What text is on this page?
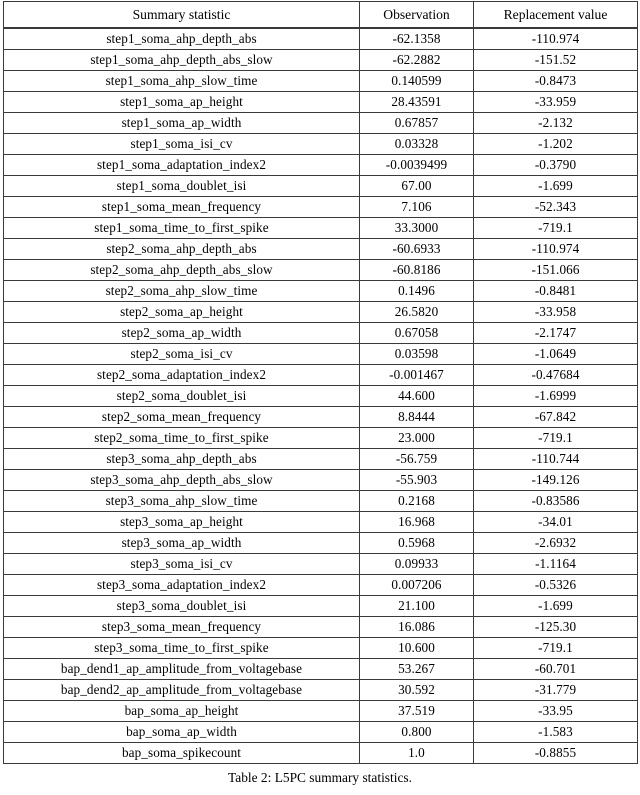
Summary statistic	Observation	Replacement value
step1_soma_ahp_depth_abs	-62.1358	-110.974
step1_soma_ahp_depth_abs_slow	-62.2882	-151.52
step1_soma_ahp_slow_time	0.140599	-0.8473
step1_soma_ap_height	28.43591	-33.959
step1_soma_ap_width	0.67857	-2.132
step1_soma_isi_cv	0.03328	-1.202
step1_soma_adaptation_index2	-0.0039499	-0.3790
step1_soma_doublet_isi	67.00	-1.699
step1_soma_mean_frequency	7.106	-52.343
step1_soma_time_to_first_spike	33.3000	-719.1
step2_soma_ahp_depth_abs	-60.6933	-110.974
step2_soma_ahp_depth_abs_slow	-60.8186	-151.066
step2_soma_ahp_slow_time	0.1496	-0.8481
step2_soma_ap_height	26.5820	-33.958
step2_soma_ap_width	0.67058	-2.1747
step2_soma_isi_cv	0.03598	-1.0649
step2_soma_adaptation_index2	-0.001467	-0.47684
step2_soma_doublet_isi	44.600	-1.6999
step2_soma_mean_frequency	8.8444	-67.842
step2_soma_time_to_first_spike	23.000	-719.1
step3_soma_ahp_depth_abs	-56.759	-110.744
step3_soma_ahp_depth_abs_slow	-55.903	-149.126
step3_soma_ahp_slow_time	0.2168	-0.83586
step3_soma_ap_height	16.968	-34.01
step3_soma_ap_width	0.5968	-2.6932
step3_soma_isi_cv	0.09933	-1.1164
step3_soma_adaptation_index2	0.007206	-0.5326
step3_soma_doublet_isi	21.100	-1.699
step3_soma_mean_frequency	16.086	-125.30
step3_soma_time_to_first_spike	10.600	-719.1
bap_dend1_ap_amplitude_from_voltagebase	53.267	-60.701
bap_dend2_ap_amplitude_from_voltagebase	30.592	-31.779
bap_soma_ap_height	37.519	-33.95
bap_soma_ap_width	0.800	-1.583
bap_soma_spikecount	1.0	-0.8855
Table 2: L5PC summary statistics.
